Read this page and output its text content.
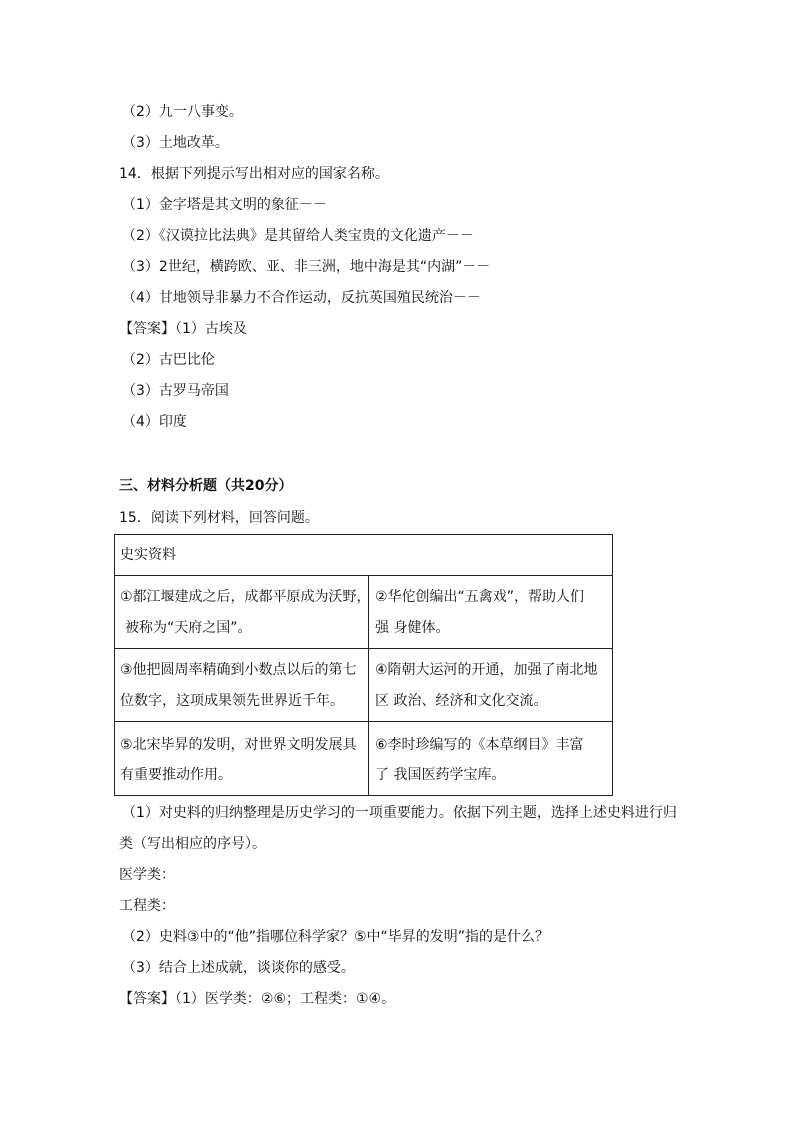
（2）九一八事变。
（3）土地改革。
14．根据下列提示写出相对应的国家名称。
（1）金字塔是其文明的象征－－
（2）《汉谟拉比法典》是其留给人类宝贵的文化遗产－－
（3）2世纪，横跨欧、亚、非三洲，地中海是其“内湖”－－
（4）甘地领导非暴力不合作运动，反抗英国殖民统治－－
【答案】（1）古埃及
（2）古巴比伦
（3）古罗马帝国
（4）印度
三、材料分析题（共20分）
15．阅读下列材料，回答问题。
史实资料
①都江堰建成之后，成都平原成为沃野，
被称为“天府之国”。
②华佗创编出“五禽戏”，帮助人们
强 身健体。
③他把圆周率精确到小数点以后的第七
位数字，这项成果领先世界近千年。
④隋朝大运河的开通，加强了南北地
区 政治、经济和文化交流。
⑤北宋毕昇的发明，对世界文明发展具
有重要推动作用。
⑥李时珍编写的《本草纲目》丰富
了 我国医药学宝库。
（1）对史料的归纳整理是历史学习的一项重要能力。依据下列主题，选择上述史料进行归
类（写出相应的序号）。
医学类：
工程类：
（2）史料③中的“他”指哪位科学家？⑤中“毕昇的发明”指的是什么？
（3）结合上述成就，谈谈你的感受。
【答案】（1）医学类：②⑥；工程类：①④。
